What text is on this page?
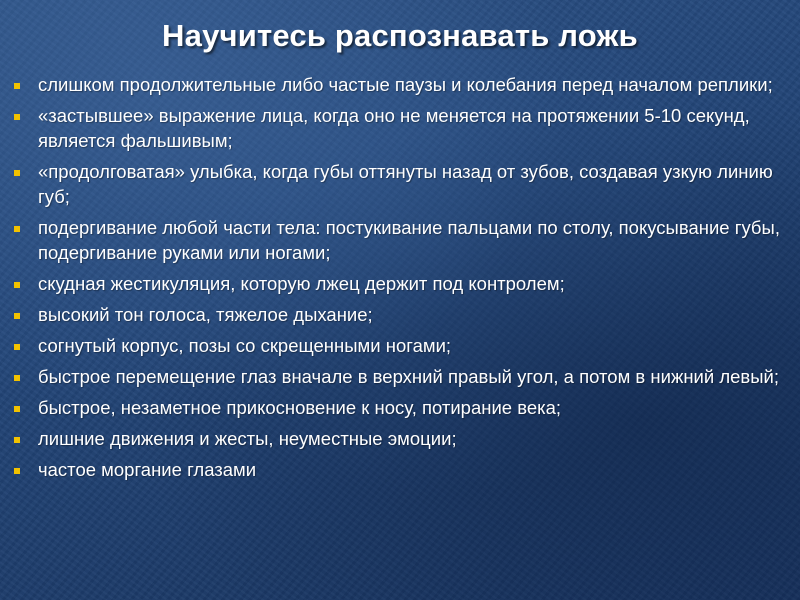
Научитесь распознавать ложь
слишком продолжительные либо частые паузы и колебания перед началом реплики;
«застывшее» выражение лица, когда оно не меняется на протяжении 5-10 секунд, является фальшивым;
«продолговатая» улыбка, когда губы оттянуты назад от зубов, создавая узкую линию губ;
подергивание любой части тела: постукивание пальцами по столу, покусывание губы, подергивание руками или ногами;
скудная жестикуляция, которую лжец держит под контролем;
высокий тон голоса, тяжелое дыхание;
согнутый корпус, позы со скрещенными ногами;
быстрое перемещение глаз вначале в верхний правый угол, а потом в нижний левый;
быстрое, незаметное прикосновение к носу, потирание века;
лишние движения и жесты, неуместные эмоции;
частое моргание глазами
